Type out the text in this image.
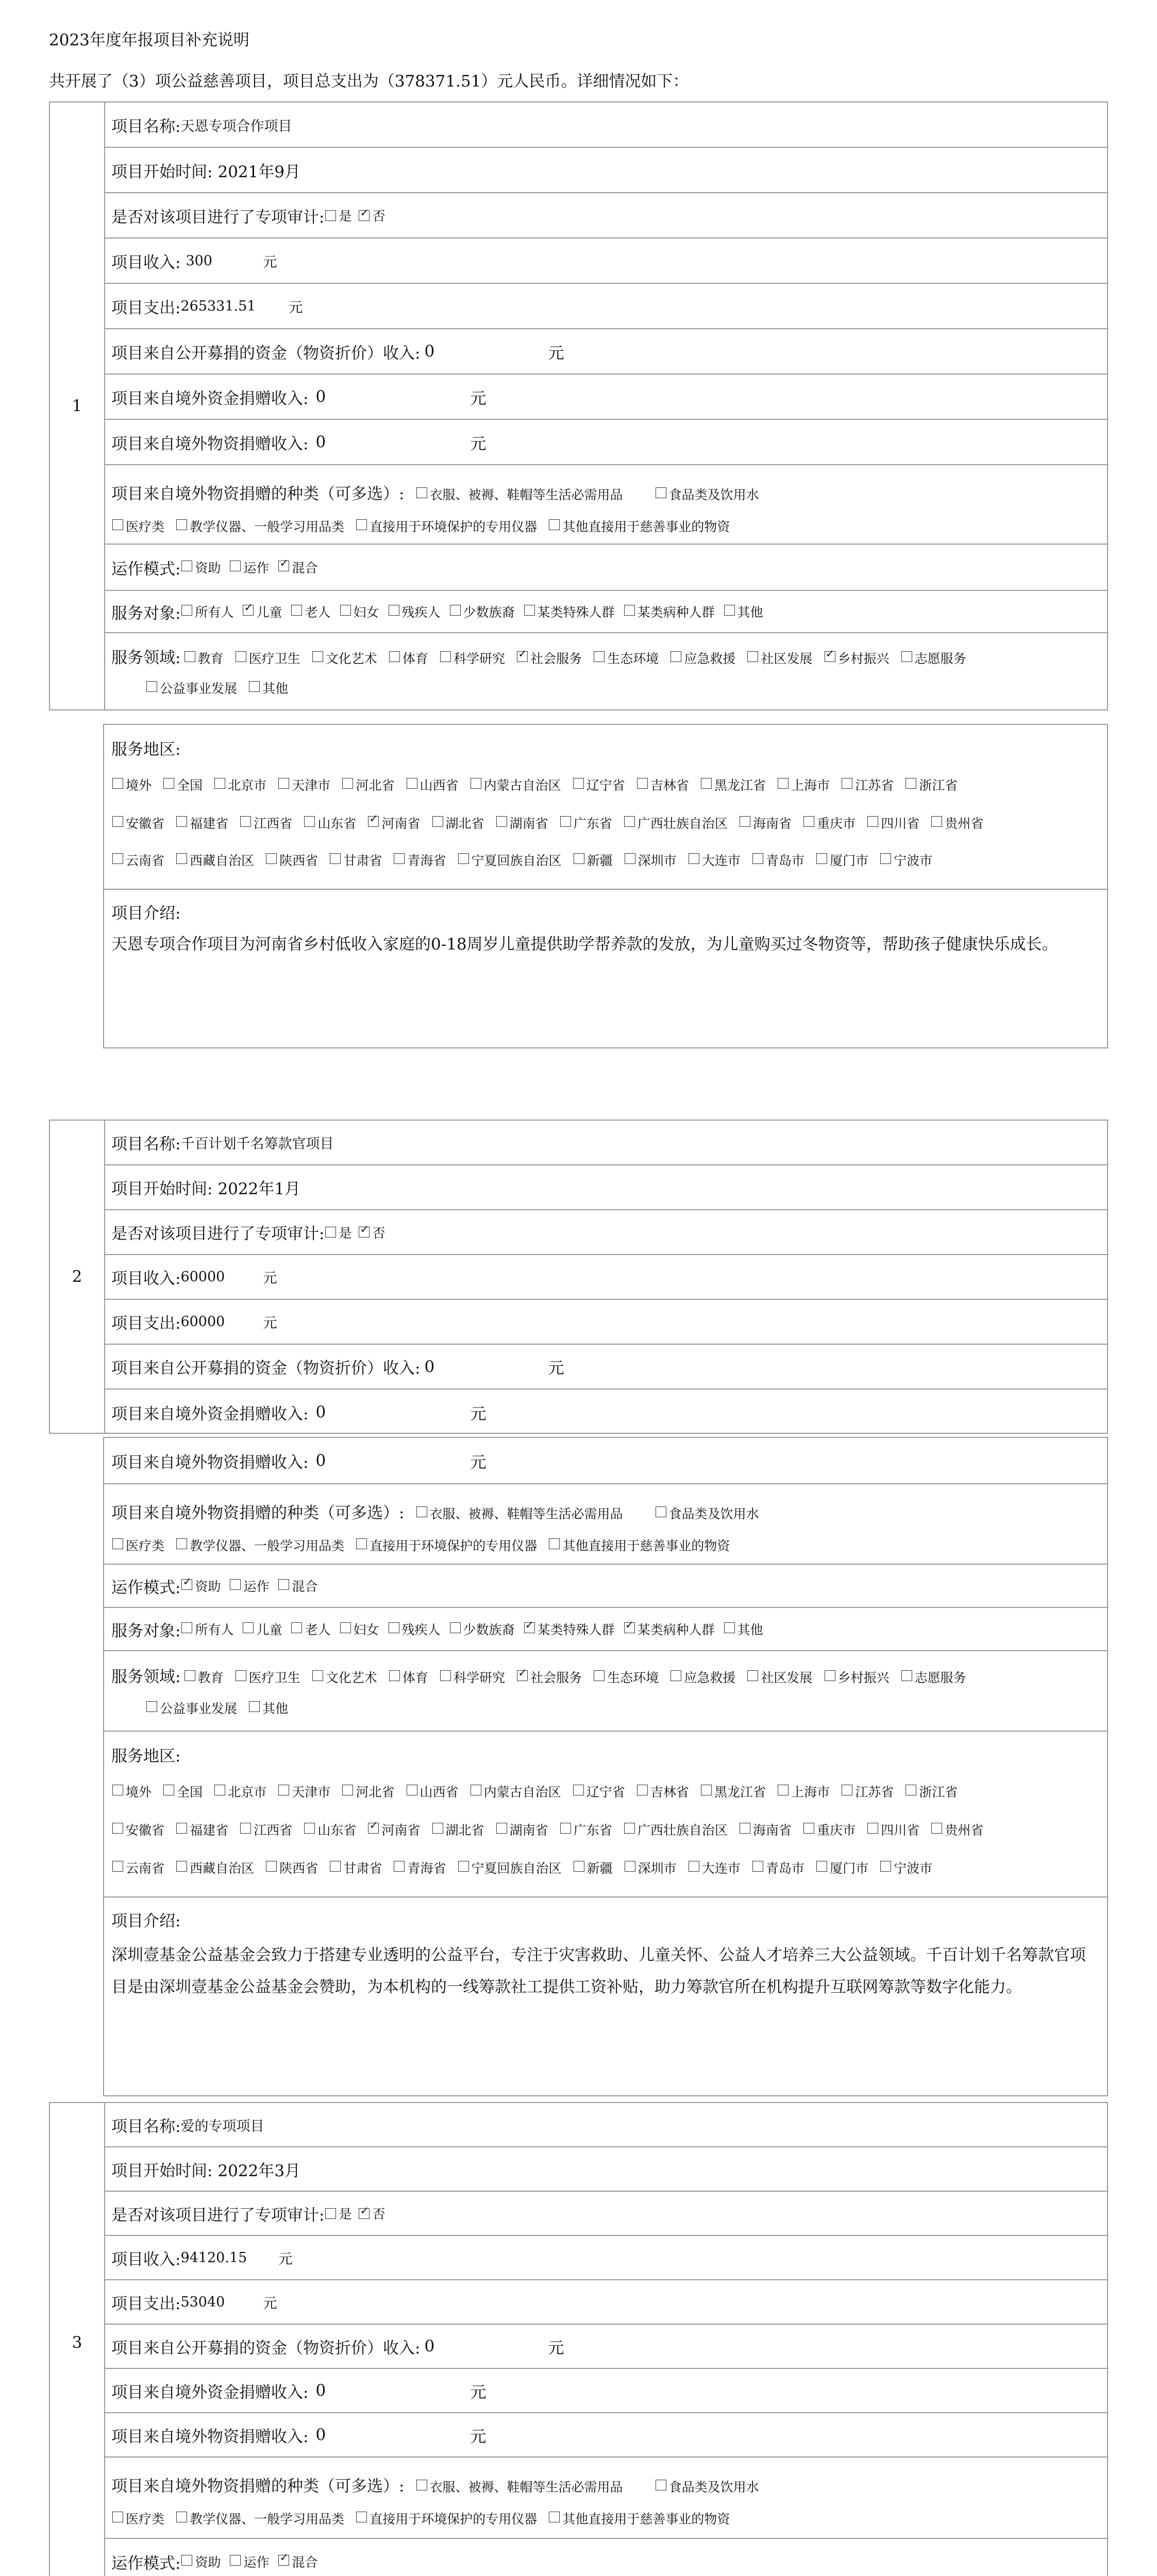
2023年度年报项目补充说明
共开展了（3）项公益慈善项目，项目总支出为（378371.51）元人民币。详细情况如下：
1
项目名称: 天恩专项合作项目
项目开始时间: 2021年9月
是否对该项目进行了专项审计: 是 ✓ 否
项目收入: 300	元
项目支出: 265331.51	元
项目来自公开募捐的资金（物资折价）收入: 0	元
项目来自境外资金捐赠收入: 0	元
项目来自境外物资捐赠收入: 0	元
项目来自境外物资捐赠的种类（可多选）: 衣服、被褥、鞋帽等生活必需用品	食品类及饮用水
医疗类 教学仪器、一般学习用品类 直接用于环境保护的专用仪器 其他直接用于慈善事业的物资
运作模式:	资助	运作 ✓	混合
服务对象:	所有人 ✓	儿童	老人	妇女	残疾人	少数族裔	某类特殊人群	某类病种人群	其他
服务领域: 教育 医疗卫生 文化艺术 体育 科学研究 ✓ 社会服务 生态环境 应急救援 社区发展 ✓ 乡村振兴 志愿服务
公益事业发展 其他
服务地区:
境外 全国 北京市 天津市 河北省 山西省 内蒙古自治区 辽宁省 吉林省 黑龙江省 上海市 江苏省 浙江省
安徽省 福建省 江西省 山东省 ✓ 河南省 湖北省 湖南省 广东省 广西壮族自治区 海南省 重庆市 四川省 贵州省
云南省 西藏自治区 陕西省 甘肃省 青海省 宁夏回族自治区 新疆 深圳市 大连市 青岛市 厦门市 宁波市
项目介绍:
天恩专项合作项目为河南省乡村低收入家庭的0-18周岁儿童提供助学帮养款的发放，为儿童购买过冬物资等，帮助孩子健康快乐成长。
2
项目名称: 千百计划千名筹款官项目
项目开始时间: 2022年1月
是否对该项目进行了专项审计: 是 ✓ 否
项目收入: 60000	元
项目支出: 60000	元
项目来自公开募捐的资金（物资折价）收入: 0	元
项目来自境外资金捐赠收入: 0	元
项目来自境外物资捐赠收入: 0	元
项目来自境外物资捐赠的种类（可多选）: 衣服、被褥、鞋帽等生活必需用品	食品类及饮用水
医疗类 教学仪器、一般学习用品类 直接用于环境保护的专用仪器 其他直接用于慈善事业的物资
运作模式: ✓	资助	运作	混合
服务对象:	所有人	儿童	老人	妇女	残疾人	少数族裔 ✓	某类特殊人群 ✓	某类病种人群	其他
服务领域: 教育 医疗卫生 文化艺术 体育 科学研究 ✓ 社会服务 生态环境 应急救援 社区发展 乡村振兴 志愿服务
公益事业发展 其他
服务地区:
境外 全国 北京市 天津市 河北省 山西省 内蒙古自治区 辽宁省 吉林省 黑龙江省 上海市 江苏省 浙江省
安徽省 福建省 江西省 山东省 ✓ 河南省 湖北省 湖南省 广东省 广西壮族自治区 海南省 重庆市 四川省 贵州省
云南省 西藏自治区 陕西省 甘肃省 青海省 宁夏回族自治区 新疆 深圳市 大连市 青岛市 厦门市 宁波市
项目介绍:
深圳壹基金公益基金会致力于搭建专业透明的公益平台，专注于灾害救助、儿童关怀、公益人才培养三大公益领域。千百计划千名筹款官项目是由深圳壹基金公益基金会赞助，为本机构的一线筹款社工提供工资补贴，助力筹款官所在机构提升互联网筹款等数字化能力。
3
项目名称: 爱的专项项目
项目开始时间: 2022年3月
是否对该项目进行了专项审计: 是 ✓ 否
项目收入: 94120.15	元
项目支出: 53040	元
项目来自公开募捐的资金（物资折价）收入: 0	元
项目来自境外资金捐赠收入: 0	元
项目来自境外物资捐赠收入: 0	元
项目来自境外物资捐赠的种类（可多选）: 衣服、被褥、鞋帽等生活必需用品	食品类及饮用水
医疗类 教学仪器、一般学习用品类 直接用于环境保护的专用仪器 其他直接用于慈善事业的物资
运作模式:	资助	运作 ✓	混合
